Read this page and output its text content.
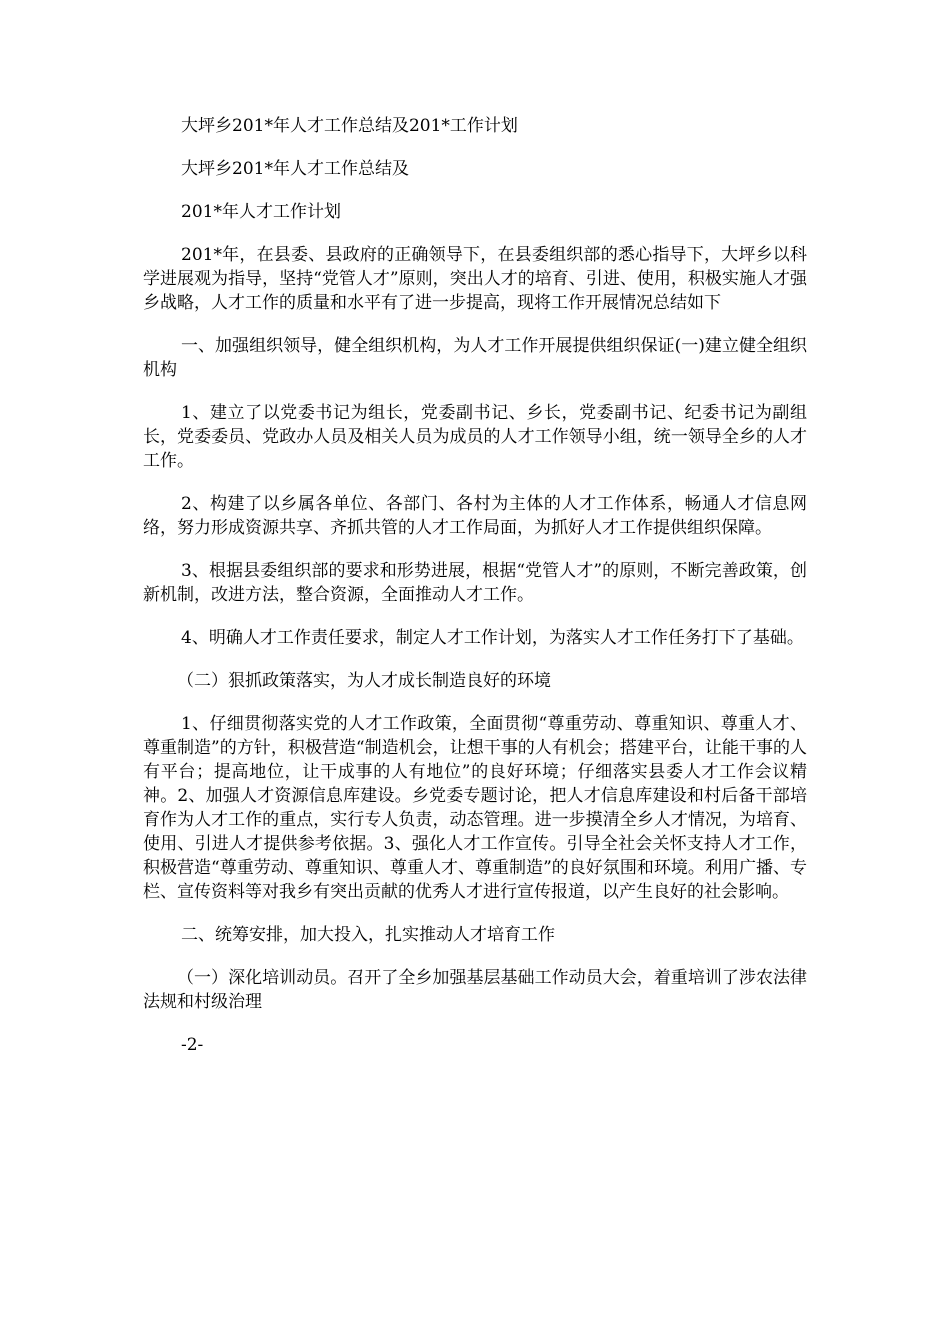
大坪乡201*年人才工作总结及201*工作计划

大坪乡201*年人才工作总结及

201*年人才工作计划

201*年，在县委、县政府的正确领导下，在县委组织部的悉心指导下，大坪乡以科学进展观为指导，坚持“党管人才”原则，突出人才的培育、引进、使用，积极实施人才强乡战略，人才工作的质量和水平有了进一步提高，现将工作开展情况总结如下

一、加强组织领导，健全组织机构，为人才工作开展提供组织保证(一)建立健全组织机构

1、建立了以党委书记为组长，党委副书记、乡长，党委副书记、纪委书记为副组长，党委委员、党政办人员及相关人员为成员的人才工作领导小组，统一领导全乡的人才工作。

2、构建了以乡属各单位、各部门、各村为主体的人才工作体系，畅通人才信息网络，努力形成资源共享、齐抓共管的人才工作局面，为抓好人才工作提供组织保障。

3、根据县委组织部的要求和形势进展，根据“党管人才”的原则，不断完善政策，创新机制，改进方法，整合资源，全面推动人才工作。

4、明确人才工作责任要求，制定人才工作计划，为落实人才工作任务打下了基础。

（二）狠抓政策落实，为人才成长制造良好的环境

1、仔细贯彻落实党的人才工作政策，全面贯彻“尊重劳动、尊重知识、尊重人才、尊重制造”的方针，积极营造“制造机会，让想干事的人有机会；搭建平台，让能干事的人有平台；提高地位，让干成事的人有地位”的良好环境；仔细落实县委人才工作会议精神。2、加强人才资源信息库建设。乡党委专题讨论，把人才信息库建设和村后备干部培育作为人才工作的重点，实行专人负责，动态管理。进一步摸清全乡人才情况，为培育、使用、引进人才提供参考依据。3、强化人才工作宣传。引导全社会关怀支持人才工作，积极营造“尊重劳动、尊重知识、尊重人才、尊重制造”的良好氛围和环境。利用广播、专栏、宣传资料等对我乡有突出贡献的优秀人才进行宣传报道，以产生良好的社会影响。

二、统筹安排，加大投入，扎实推动人才培育工作

（一）深化培训动员。召开了全乡加强基层基础工作动员大会，着重培训了涉农法律法规和村级治理

-2-
